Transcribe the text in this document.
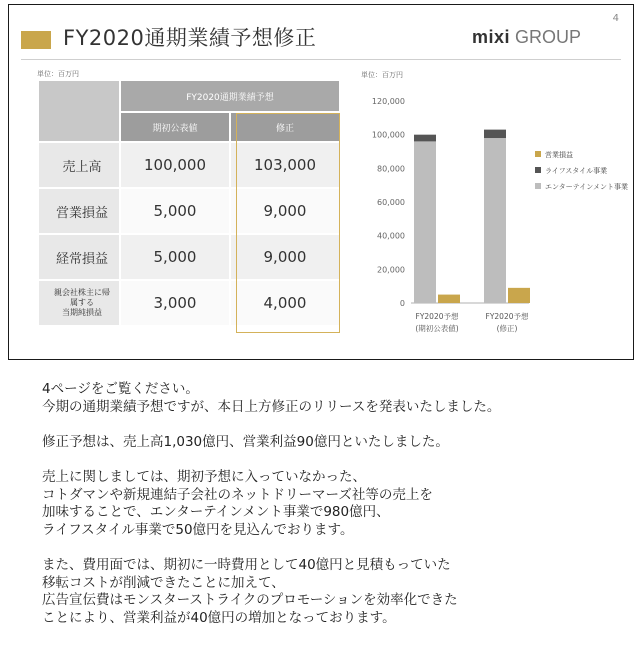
FY2020通期業績予想修正
4
mixi GROUP
単位：百万円
	FY2020通期業績予想	
	期初公表値	修正
売上高	100,000	103,000
営業損益	5,000	9,000
経常損益	5,000	9,000
親会社株主に帰
属する
当期純損益	3,000	4,000
単位：百万円
0
20,000
40,000
60,000
80,000
100,000
120,000
FY2020予想
(期初公表値)
FY2020予想
(修正)
営業損益
ライフスタイル事業
エンターテインメント事業

4ページをご覧ください。

今期の通期業績予想ですが、本日上方修正のリリースを発表いたしました。

修正予想は、売上高1,030億円、営業利益90億円といたしました。

売上に関しましては、期初予想に入っていなかった、

コトダマンや新規連結子会社のネットドリーマーズ社等の売上を

加味することで、エンターテインメント事業で980億円、

ライフスタイル事業で50億円を見込んでおります。

また、費用面では、期初に一時費用として40億円と見積もっていた

移転コストが削減できたことに加えて、

広告宣伝費はモンスターストライクのプロモーションを効率化できた

ことにより、営業利益が40億円の増加となっております。
